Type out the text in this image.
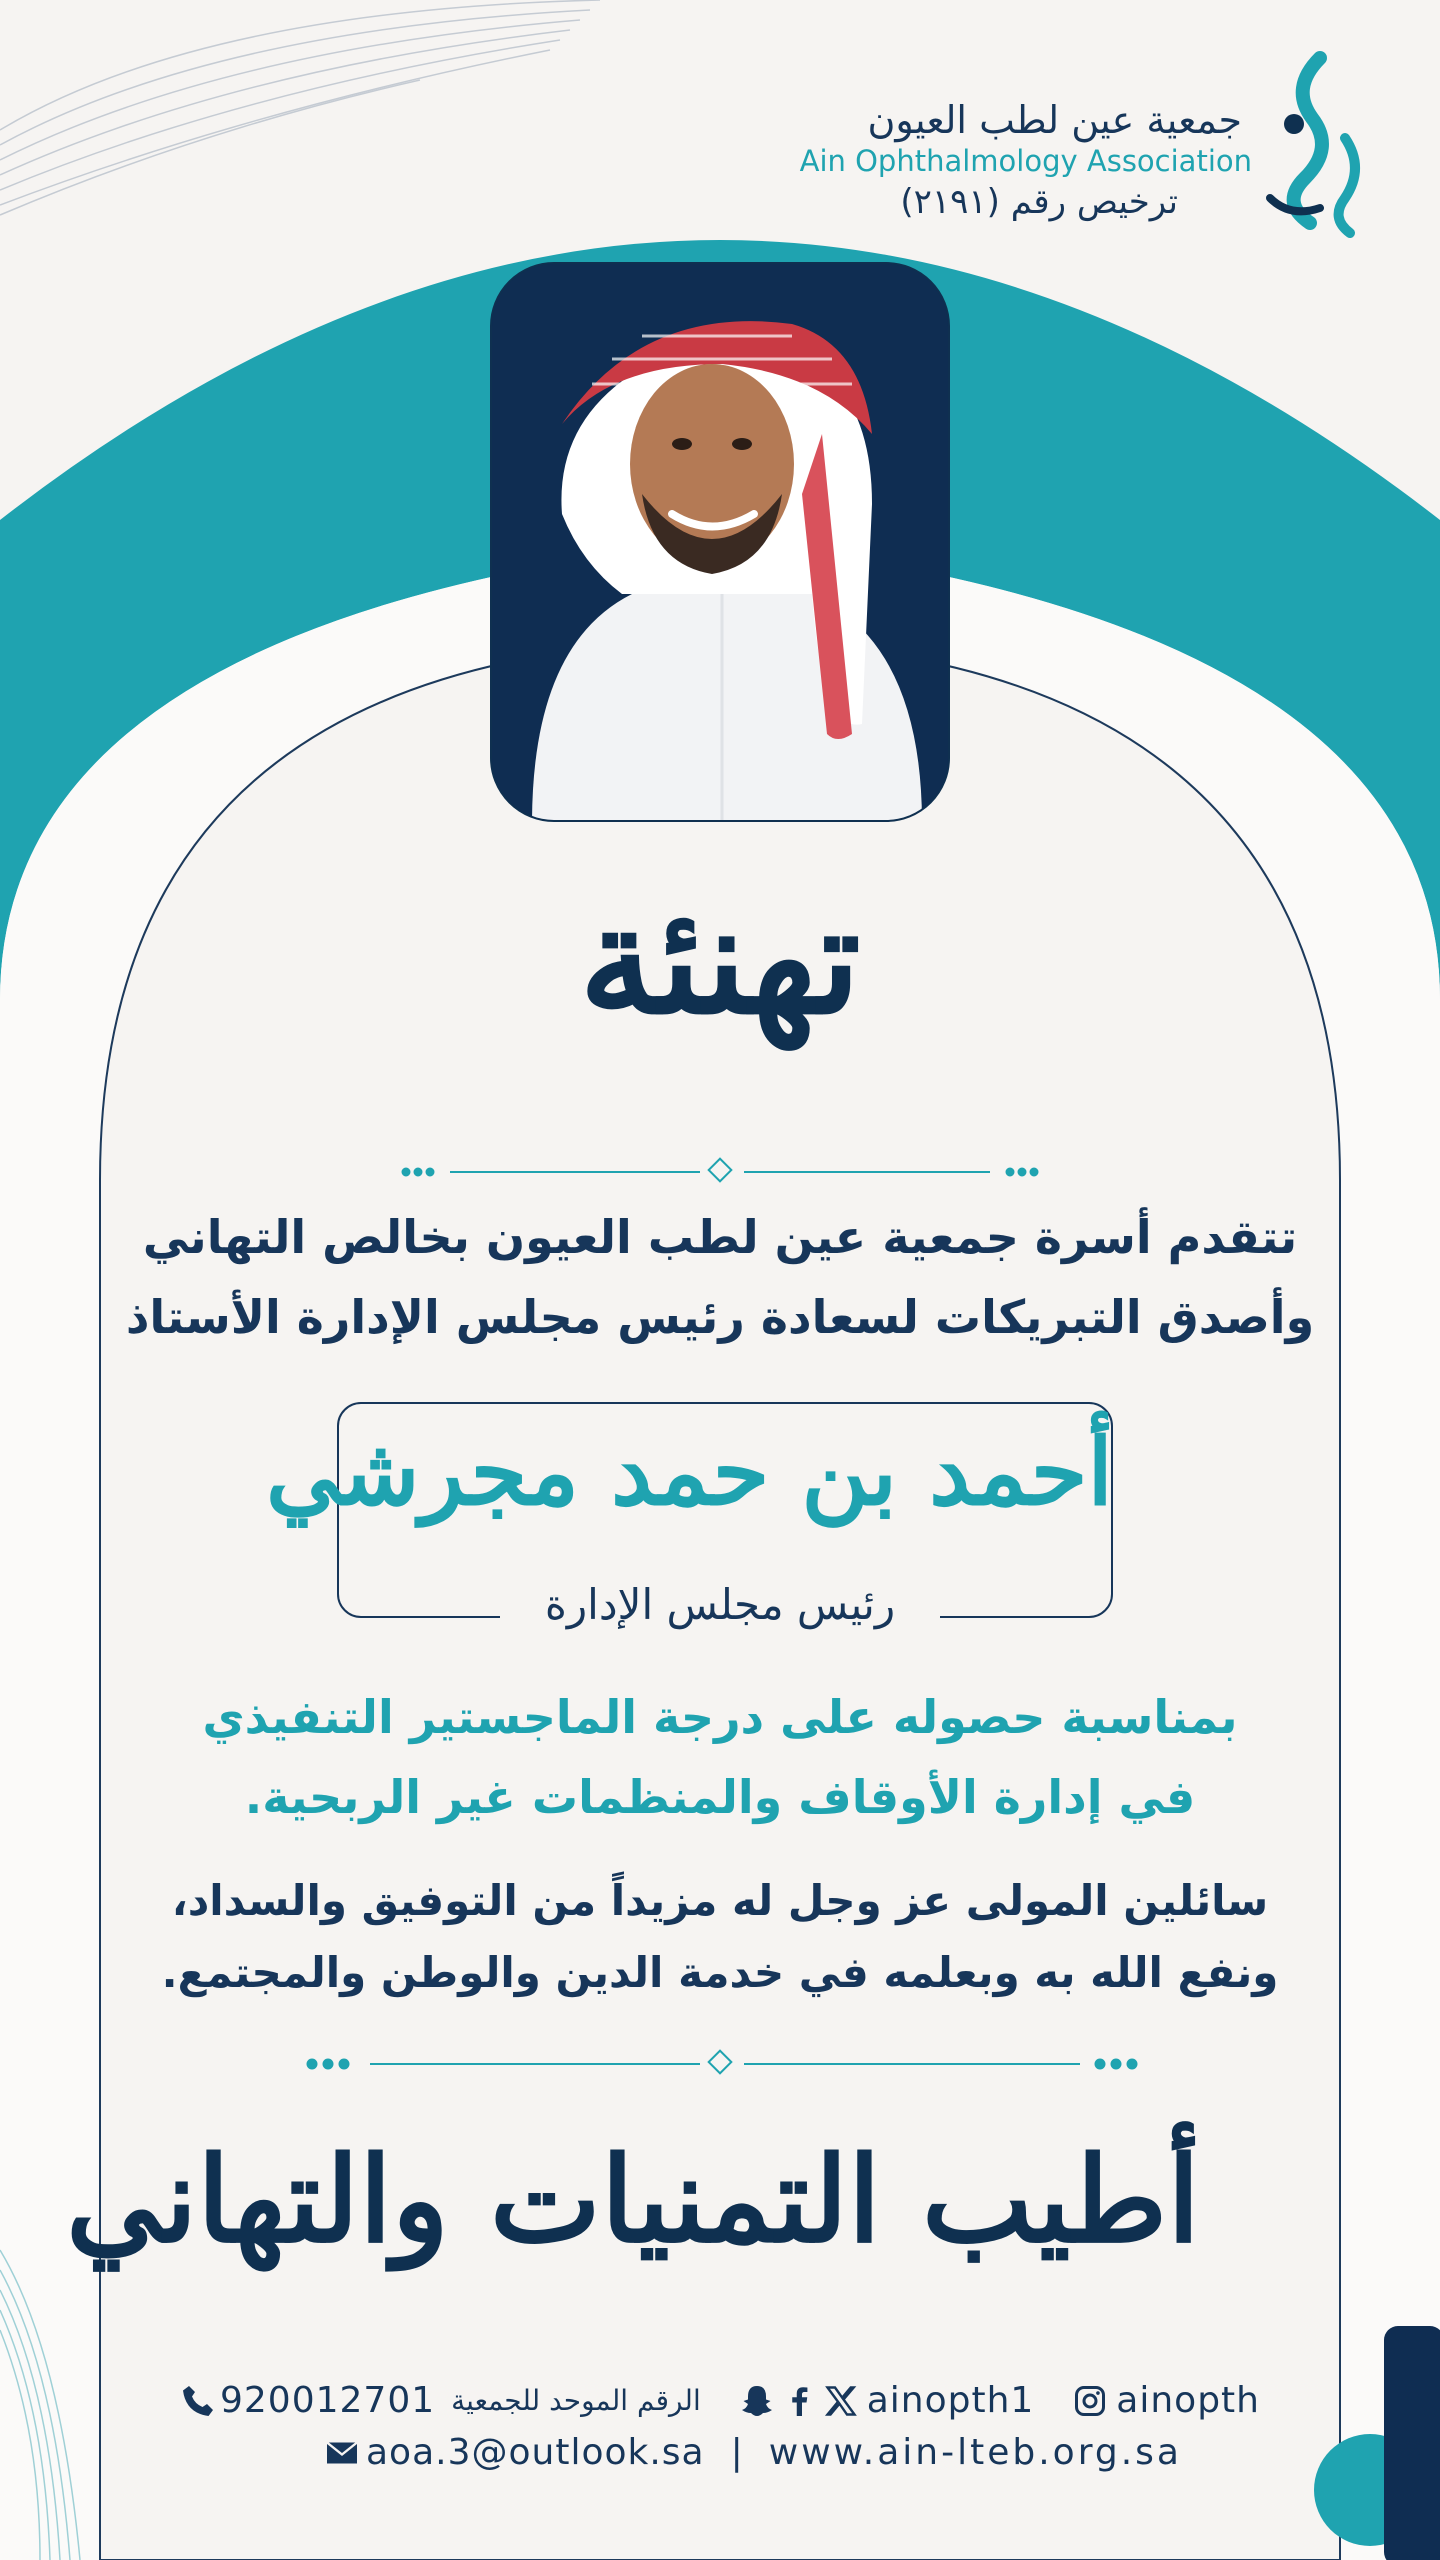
جمعية عين لطب العيون
Ain Ophthalmology Association
ترخيص رقم (٢١٩١)
تهنئة
تتقدم أسرة جمعية عين لطب العيون بخالص التهاني
وأصدق التبريكات لسعادة رئيس مجلس الإدارة الأستاذ
أحمد بن حمد مجرشي
رئيس مجلس الإدارة
بمناسبة حصوله على درجة الماجستير التنفيذي
في إدارة الأوقاف والمنظمات غير الربحية.
سائلين المولى عز وجل له مزيداً من التوفيق والسداد،
ونفع الله به وبعلمه في خدمة الدين والوطن والمجتمع.
أطيب التمنيات والتهاني
920012701 الرقم الموحد للجمعية	ainopth1 ainopth
aoa.3@outlook.sa | www.ain-lteb.org.sa
